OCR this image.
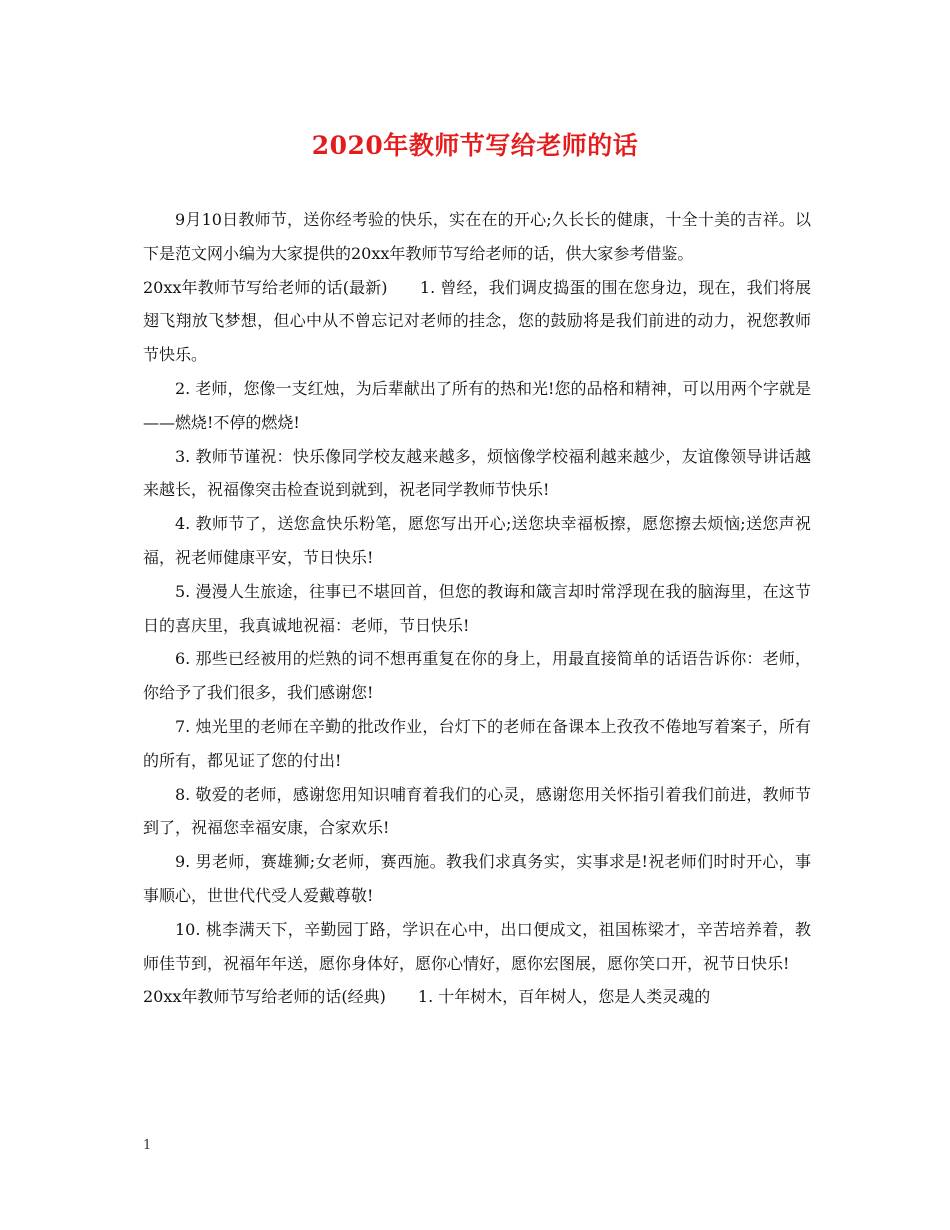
2020年教师节写给老师的话

9月10日教师节，送你经考验的快乐，实在在的开心;久长长的健康，十全十美的吉祥。以下是范文网小编为大家提供的20xx年教师节写给老师的话，供大家参考借鉴。

20xx年教师节写给老师的话(最新)　　1. 曾经，我们调皮捣蛋的围在您身边，现在，我们将展翅飞翔放飞梦想，但心中从不曾忘记对老师的挂念，您的鼓励将是我们前进的动力，祝您教师节快乐。

2. 老师，您像一支红烛，为后辈献出了所有的热和光!您的品格和精神，可以用两个字就是——燃烧!不停的燃烧!

3. 教师节谨祝：快乐像同学校友越来越多，烦恼像学校福利越来越少，友谊像领导讲话越来越长，祝福像突击检查说到就到，祝老同学教师节快乐!

4. 教师节了，送您盒快乐粉笔，愿您写出开心;送您块幸福板擦，愿您擦去烦恼;送您声祝福，祝老师健康平安，节日快乐!

5. 漫漫人生旅途，往事已不堪回首，但您的教诲和箴言却时常浮现在我的脑海里，在这节日的喜庆里，我真诚地祝福：老师，节日快乐!

6. 那些已经被用的烂熟的词不想再重复在你的身上，用最直接简单的话语告诉你：老师，你给予了我们很多，我们感谢您!

7. 烛光里的老师在辛勤的批改作业，台灯下的老师在备课本上孜孜不倦地写着案子，所有的所有，都见证了您的付出!

8. 敬爱的老师，感谢您用知识哺育着我们的心灵，感谢您用关怀指引着我们前进，教师节到了，祝福您幸福安康，合家欢乐!

9. 男老师，赛雄狮;女老师，赛西施。教我们求真务实，实事求是!祝老师们时时开心，事事顺心，世世代代受人爱戴尊敬!

10. 桃李满天下，辛勤园丁路，学识在心中，出口便成文，祖国栋梁才，辛苦培养着，教师佳节到，祝福年年送，愿你身体好，愿你心情好，愿你宏图展，愿你笑口开，祝节日快乐!

20xx年教师节写给老师的话(经典)　　1. 十年树木，百年树人，您是人类灵魂的

1
